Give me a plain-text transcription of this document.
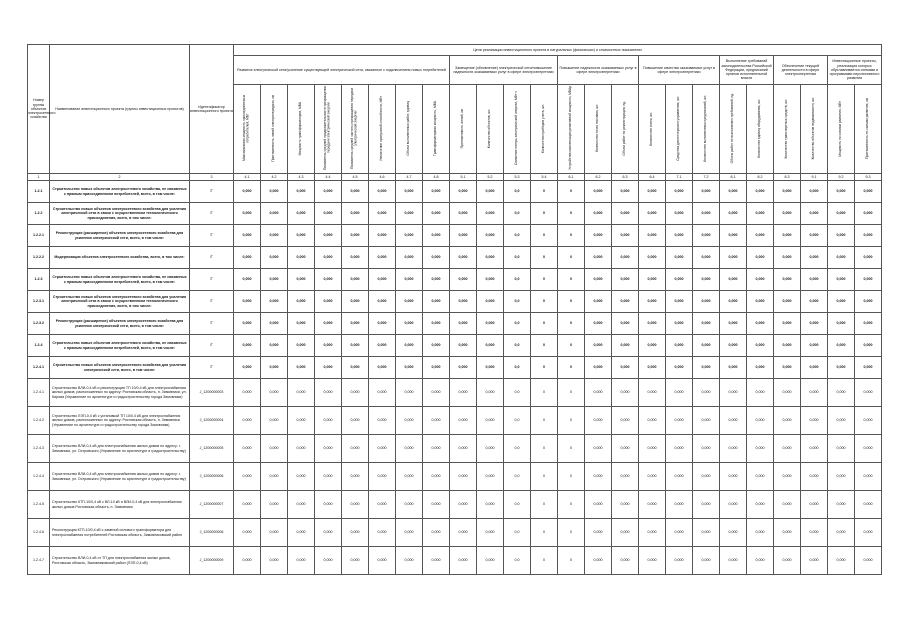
Номер группы объектов электросетевого хозяйства	Наименование инвестиционного проекта (группы инвестиционных проектов)	Идентификатор инвестиционного проекта	Цели реализации инвестиционного проекта в натуральных (физических) и стоимостных показателях																							
			Развитие электрической сети/усиление существующей электрической сети, связанное с подключением новых потребителей								Замещение (обновление) электрической сети/повышение надежности оказываемых услуг в сфере электроэнергетики				Повышение надежности оказываемых услуг в сфере электроэнергетики			Повышение качества оказываемых услуг в сфере электроэнергетики			Выполнение требований законодательства Российской Федерации, предписаний органов исполнительной власти		Обеспечение текущей деятельности в сфере электроэнергетики		Инвестиционные проекты, реализация которых обуславливается схемами и программами перспективного развития	
			Максимальная мощность присоединяемых потребителей, МВт	Протяженность линий электропередачи, км	Мощность трансформаторов, МВА	Показатель средней продолжительности прекращения передачи электрической энергии	Показатель средней частоты прекращения передачи электрической энергии	Увеличение пропускной способности, МВт	Объем выполненных работ, единиц	Трансформаторная мощность, МВА	Протяженность линий, км	Количество объектов, шт.	Снижение потерь электрической энергии, МВт·ч	Количество приборов учета, шт.	Устройства компенсации реактивной мощности, МВАр	Количество точек поставки, шт.	Объем работ по реконструкции, ед.	Количество ячеек, шт.	Средства диспетчерского управления, шт.	Количество выполненных предписаний, шт.	Объем работ по выполнению требований, ед.	Количество единиц оборудования, шт.	Количество транспортных средств, шт.	Количество объектов недвижимости, шт.	Мощность по схемам развития, МВт	Протяженность по схемам развития, км
1	2	3	4.1	4.2	4.3	4.4	4.5	4.6	4.7	4.8	5.1	5.2	5.3	5.4	6.1	6.2	6.3	6.4	7.1	7.2	8.1	8.2	8.3	9.1	9.2	9.3
1.2.1	Строительство новых объектов электросетевого хозяйства, не связанных с прямым присоединением потребителей, всего, в том числе:	Г	0,000	0,000	0,000	0,000	0,000	0,000	0,000	0,000	0,000	0,000	0,0	0	0	0,000	0,000	0,000	0,000	0,000	0,000	0,000	0,000	0,000	0,000	0,000
1.2.2	Строительство новых объектов электросетевого хозяйства для усиления электрической сети в связи с осуществлением технологического присоединения, всего, в том числе:	Г	0,000	0,000	0,000	0,000	0,000	0,000	0,000	0,000	0,000	0,000	0,0	0	0	0,000	0,000	0,000	0,000	0,000	0,000	0,000	0,000	0,000	0,000	0,000
1.2.2.1	Реконструкция (расширение) объектов электросетевого хозяйства для усиления электрической сети, всего, в том числе:	Г	0,000	0,000	0,000	0,000	0,000	0,000	0,000	0,000	0,000	0,000	0,0	0	0	0,000	0,000	0,000	0,000	0,000	0,000	0,000	0,000	0,000	0,000	0,000
1.2.2.2	Модернизация объектов электросетевого хозяйства, всего, в том числе:	Г	0,000	0,000	0,000	0,000	0,000	0,000	0,000	0,000	0,000	0,000	0,0	0	0	0,000	0,000	0,000	0,000	0,000	0,000	0,000	0,000	0,000	0,000	0,000
1.2.3	Строительство новых объектов электросетевого хозяйства, не связанных с прямым присоединением потребителей, всего, в том числе:	Г	0,000	0,000	0,000	0,000	0,000	0,000	0,000	0,000	0,000	0,000	0,0	0	0	0,000	0,000	0,000	0,000	0,000	0,000	0,000	0,000	0,000	0,000	0,000
1.2.3.1	Строительство новых объектов электросетевого хозяйства для усиления электрической сети в связи с осуществлением технологического присоединения, всего, в том числе:	Г	0,000	0,000	0,000	0,000	0,000	0,000	0,000	0,000	0,000	0,000	0,0	0	0	0,000	0,000	0,000	0,000	0,000	0,000	0,000	0,000	0,000	0,000	0,000
1.2.3.2	Реконструкция (расширение) объектов электросетевого хозяйства для усиления электрической сети, всего, в том числе:	Г	0,000	0,000	0,000	0,000	0,000	0,000	0,000	0,000	0,000	0,000	0,0	0	0	0,000	0,000	0,000	0,000	0,000	0,000	0,000	0,000	0,000	0,000	0,000
1.2.4	Строительство новых объектов электросетевого хозяйства, не связанных с прямым присоединением потребителей, всего, в том числе:	Г	0,000	0,000	0,000	0,000	0,000	0,000	0,000	0,000	0,000	0,000	0,0	0	0	0,000	0,000	0,000	0,000	0,000	0,000	0,000	0,000	0,000	0,000	0,000
1.2.4.1	Строительство новых объектов электросетевого хозяйства для усиления электрической сети, всего, в том числе:	Г	0,000	0,000	0,000	0,000	0,000	0,000	0,000	0,000	0,000	0,000	0,0	0	0	0,000	0,000	0,000	0,000	0,000	0,000	0,000	0,000	0,000	0,000	0,000
1.2.4.1	Строительство ВЛИ-0,4 кВ и реконструкция ТП 10/0,4 кВ для электроснабжения жилых домов, расположенных по адресу: Ростовская область, п. Зимовники, ул. Кирова (Управление по архитектуре и градостроительству города Зимовники)	J_1200000003	0,000	0,000	0,000	0,000	0,000	0,000	0,000	0,000	0,000	0,000	0,0	0	0	0,000	0,000	0,000	0,000	0,000	0,000	0,000	0,000	0,000	0,000	0,000
1.2.4.2	Строительство ЛЭП-0,4 кВ с установкой ТП 10/0,4 кВ для электроснабжения жилых домов, расположенных по адресу: Ростовская область, п. Зимовники (Управление по архитектуре и градостроительству города Зимовники)	J_1200000004	0,000	0,000	0,000	0,000	0,000	0,000	0,000	0,000	0,000	0,000	0,0	0	0	0,000	0,000	0,000	0,000	0,000	0,000	0,000	0,000	0,000	0,000	0,000
1.2.4.3	Строительство ВЛИ-0,4 кВ для электроснабжения жилых домов по адресу: г. Зимовники, ул. Островского (Управление по архитектуре и градостроительству)	J_1200000005	0,000	0,000	0,000	0,000	0,000	0,000	0,000	0,000	0,000	0,000	0,0	0	0	0,000	0,000	0,000	0,000	0,000	0,000	0,000	0,000	0,000	0,000	0,000
1.2.4.4	Строительство ВЛИ-0,4 кВ для электроснабжения жилых домов по адресу: г. Зимовники, ул. Островского (Управление по архитектуре и градостроительству)	J_1200000006	0,000	0,000	0,000	0,000	0,000	0,000	0,000	0,000	0,000	0,000	0,0	0	0	0,000	0,000	0,000	0,000	0,000	0,000	0,000	0,000	0,000	0,000	0,000
1.2.4.5	Строительство КТП-10/0,4 кВ с ВЛ-10 кВ и ВЛИ-0,4 кВ для электроснабжения жилых домов Ростовская область, п. Зимовники	J_1200000007	0,000	0,000	0,000	0,000	0,000	0,000	0,000	0,000	0,000	0,000	0,0	0	0	0,000	0,000	0,000	0,000	0,000	0,000	0,000	0,000	0,000	0,000	0,000
1.2.4.6	Реконструкция КТП-10/0,4 кВ с заменой силового трансформатора для электроснабжения потребителей Ростовская область, Зимовниковский район	J_1200000008	0,000	0,000	0,000	0,000	0,000	0,000	0,000	0,000	0,000	0,000	0,0	0	0	0,000	0,000	0,000	0,000	0,000	0,000	0,000	0,000	0,000	0,000	0,000
1.2.4.7	Строительство ВЛИ-0,4 кВ от ТП для электроснабжения жилых домов, Ростовская область, Зимовниковский район (ЛЭП-0,4 кВ)	J_1200000009	0,000	0,000	0,000	0,000	0,000	0,000	0,000	0,000	0,000	0,000	0,0	0	0	0,000	0,000	0,000	0,000	0,000	0,000	0,000	0,000	0,000	0,000	0,000
